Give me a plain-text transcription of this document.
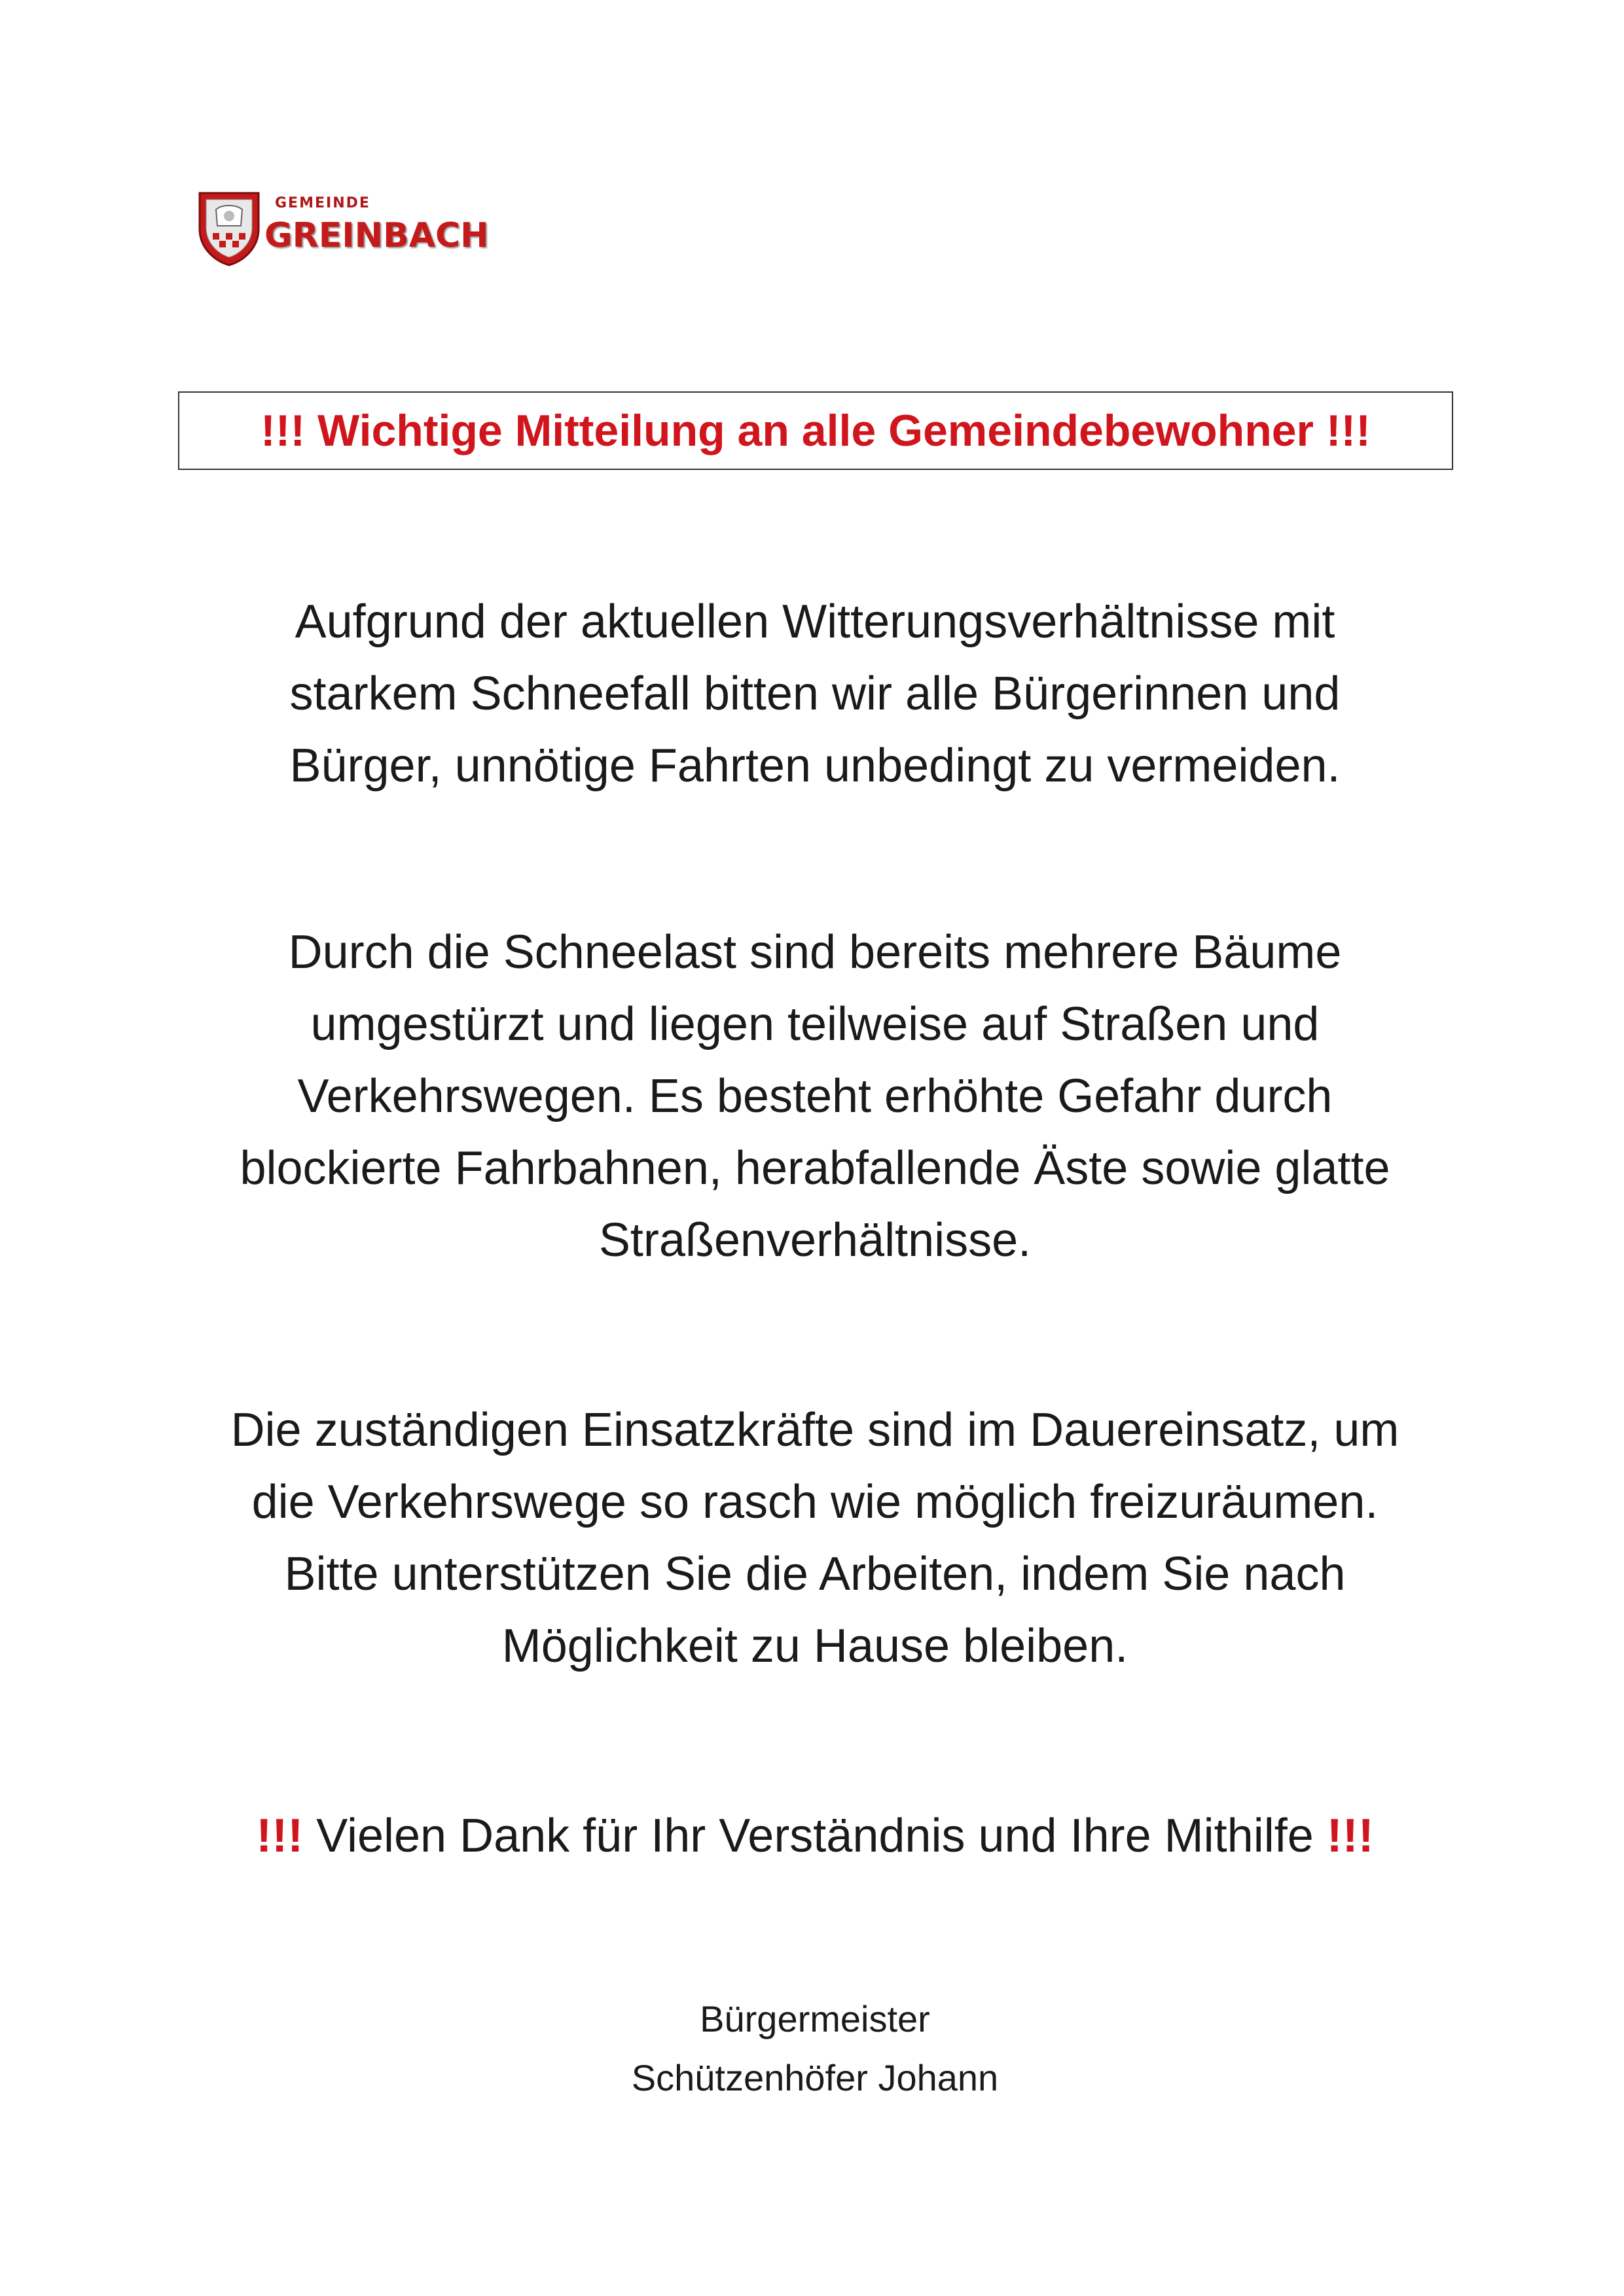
GEMEINDE
GREINBACH
!!! Wichtige Mitteilung an alle Gemeindebewohner !!!
Aufgrund der aktuellen Witterungsverhältnisse mit
starkem Schneefall bitten wir alle Bürgerinnen und
Bürger, unnötige Fahrten unbedingt zu vermeiden.
Durch die Schneelast sind bereits mehrere Bäume
umgestürzt und liegen teilweise auf Straßen und
Verkehrswegen. Es besteht erhöhte Gefahr durch
blockierte Fahrbahnen, herabfallende Äste sowie glatte
Straßenverhältnisse.
Die zuständigen Einsatzkräfte sind im Dauereinsatz, um
die Verkehrswege so rasch wie möglich freizuräumen.
Bitte unterstützen Sie die Arbeiten, indem Sie nach
Möglichkeit zu Hause bleiben.
!!! Vielen Dank für Ihr Verständnis und Ihre Mithilfe !!!
Bürgermeister
Schützenhöfer Johann
